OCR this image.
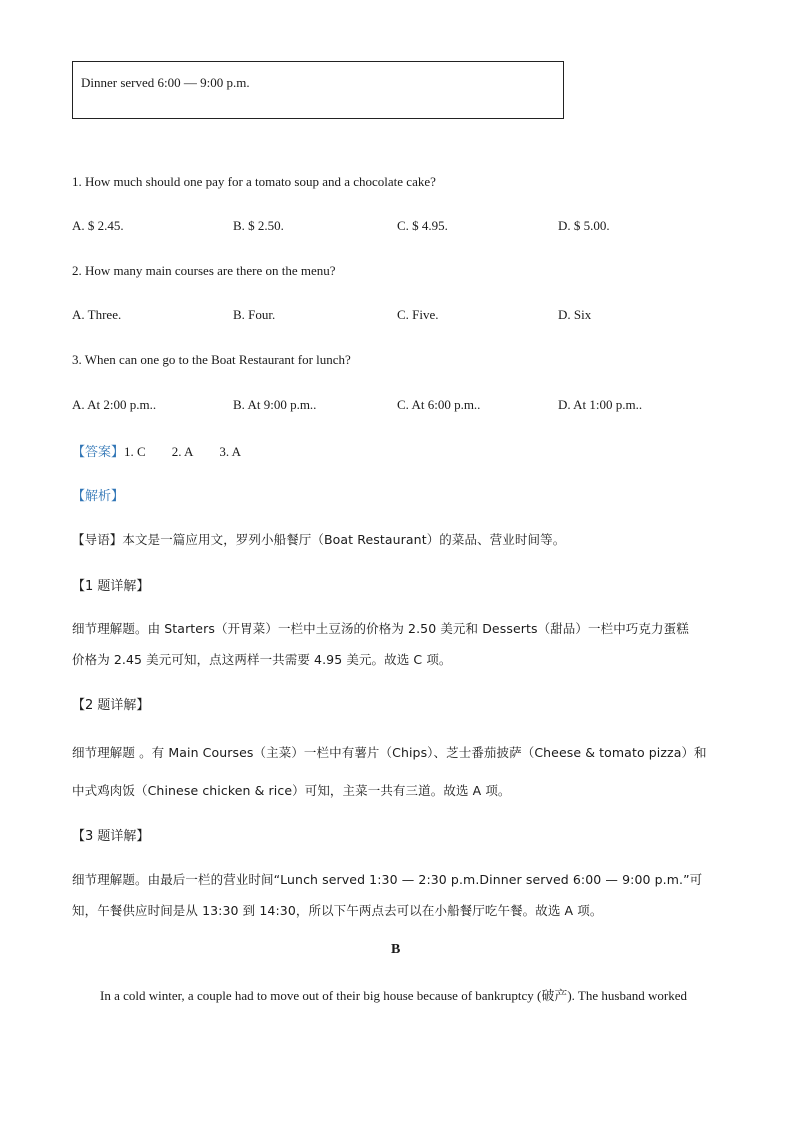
Dinner served 6:00 — 9:00 p.m.
1. How much should one pay for a tomato soup and a chocolate cake?
A. $ 2.45.	B. $ 2.50.	C. $ 4.95.	D. $ 5.00.
2. How many main courses are there on the menu?
A. Three.	B. Four.	C. Five.	D. Six
3. When can one go to the Boat Restaurant for lunch?
A. At 2:00 p.m..	B. At 9:00 p.m..	C. At 6:00 p.m..	D. At 1:00 p.m..
【答案】1. C 2. A 3. A
【解析】
【导语】本文是一篇应用文，罗列小船餐厅（Boat Restaurant）的菜品、营业时间等。
【1 题详解】
细节理解题。由 Starters（开胃菜）一栏中土豆汤的价格为 2.50 美元和 Desserts（甜品）一栏中巧克力蛋糕
价格为 2.45 美元可知，点这两样一共需要 4.95 美元。故选 C 项。
【2 题详解】
细节理解题 。有 Main Courses（主菜）一栏中有薯片（Chips）、芝士番茄披萨（Cheese & tomato pizza）和
中式鸡肉饭（Chinese chicken & rice）可知，主菜一共有三道。故选 A 项。
【3 题详解】
细节理解题。由最后一栏的营业时间“Lunch served 1:30 — 2:30 p.m.Dinner served 6:00 — 9:00 p.m.”可
知，午餐供应时间是从 13:30 到 14:30，所以下午两点去可以在小船餐厅吃午餐。故选 A 项。
B
In a cold winter, a couple had to move out of their big house because of bankruptcy (破产). The husband worked
